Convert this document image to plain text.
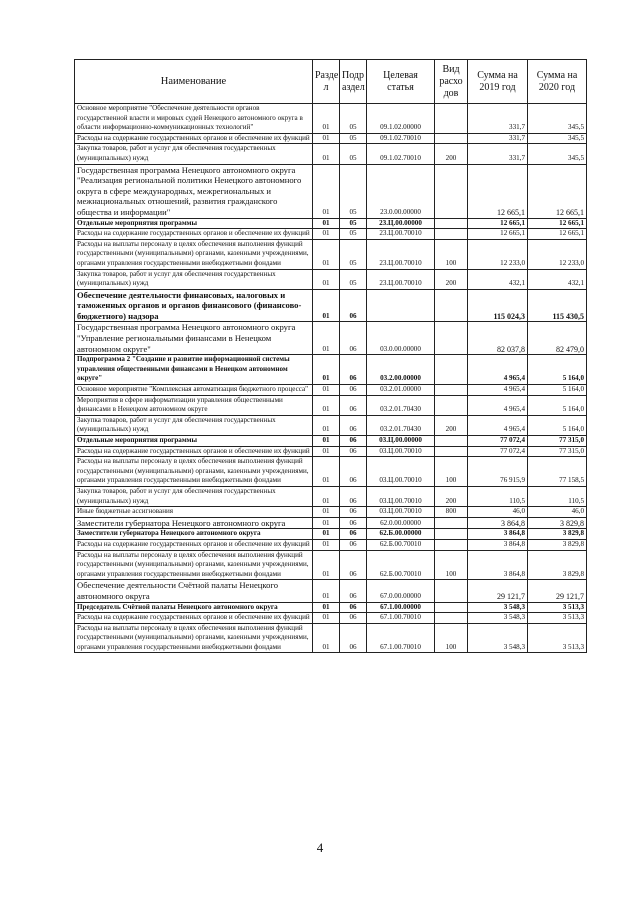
Наименование	Разде л	Подр аздел	Целевая статья	Вид расхо дов	Сумма на 2019 год	Сумма на 2020 год
Основное мероприятие "Обеспечение деятельности органов государственной власти и мировых судей Ненецкого автономного округа в области информационно-коммуникационных технологий"	01	05	09.1.02.00000		331,7	345,5
Расходы на содержание государственных органов и обеспечение их функций	01	05	09.1.02.70010		331,7	345,5
Закупка товаров, работ и услуг для обеспечения государственных (муниципальных) нужд	01	05	09.1.02.70010	200	331,7	345,5
Государственная программа Ненецкого автономного округа "Реализация региональной политики Ненецкого автономного округа в сфере международных, межрегиональных и межнациональных отношений, развития гражданского общества и информации"	01	05	23.0.00.00000		12 665,1	12 665,1
Отдельные мероприятия программы	01	05	23.Ц.00.00000		12 665,1	12 665,1
Расходы на содержание государственных органов и обеспечение их функций	01	05	23.Ц.00.70010		12 665,1	12 665,1
Расходы на выплаты персоналу в целях обеспечения выполнения функций государственными (муниципальными) органами, казенными учреждениями, органами управления государственными внебюджетными фондами	01	05	23.Ц.00.70010	100	12 233,0	12 233,0
Закупка товаров, работ и услуг для обеспечения государственных (муниципальных) нужд	01	05	23.Ц.00.70010	200	432,1	432,1
Обеспечение деятельности финансовых, налоговых и таможенных органов и органов финансового (финансово-бюджетного) надзора	01	06			115 024,3	115 430,5
Государственная программа Ненецкого автономного округа "Управление региональными финансами в Ненецком автономном округе"	01	06	03.0.00.00000		82 037,8	82 479,0
Подпрограмма 2 "Создание и развитие информационной системы управления общественными финансами в Ненецком автономном округе"	01	06	03.2.00.00000		4 965,4	5 164,0
Основное мероприятие "Комплексная автоматизация бюджетного процесса"	01	06	03.2.01.00000		4 965,4	5 164,0
Мероприятия в сфере информатизации управления общественными финансами в Ненецком автономном округе	01	06	03.2.01.70430		4 965,4	5 164,0
Закупка товаров, работ и услуг для обеспечения государственных (муниципальных) нужд	01	06	03.2.01.70430	200	4 965,4	5 164,0
Отдельные мероприятия программы	01	06	03.Ц.00.00000		77 072,4	77 315,0
Расходы на содержание государственных органов и обеспечение их функций	01	06	03.Ц.00.70010		77 072,4	77 315,0
Расходы на выплаты персоналу в целях обеспечения выполнения функций государственными (муниципальными) органами, казенными учреждениями, органами управления государственными внебюджетными фондами	01	06	03.Ц.00.70010	100	76 915,9	77 158,5
Закупка товаров, работ и услуг для обеспечения государственных (муниципальных) нужд	01	06	03.Ц.00.70010	200	110,5	110,5
Иные бюджетные ассигнования	01	06	03.Ц.00.70010	800	46,0	46,0
Заместители губернатора Ненецкого автономного округа	01	06	62.0.00.00000		3 864,8	3 829,8
Заместители губернатора Ненецкого автономного округа	01	06	62.Б.00.00000		3 864,8	3 829,8
Расходы на содержание государственных органов и обеспечение их функций	01	06	62.Б.00.70010		3 864,8	3 829,8
Расходы на выплаты персоналу в целях обеспечения выполнения функций государственными (муниципальными) органами, казенными учреждениями, органами управления государственными внебюджетными фондами	01	06	62.Б.00.70010	100	3 864,8	3 829,8
Обеспечение деятельности Счётной палаты Ненецкого автономного округа	01	06	67.0.00.00000		29 121,7	29 121,7
Председатель Счётной палаты Ненецкого автономного округа	01	06	67.1.00.00000		3 548,3	3 513,3
Расходы на содержание государственных органов и обеспечение их функций	01	06	67.1.00.70010		3 548,3	3 513,3
Расходы на выплаты персоналу в целях обеспечения выполнения функций государственными (муниципальными) органами, казенными учреждениями, органами управления государственными внебюджетными фондами	01	06	67.1.00.70010	100	3 548,3	3 513,3
4
